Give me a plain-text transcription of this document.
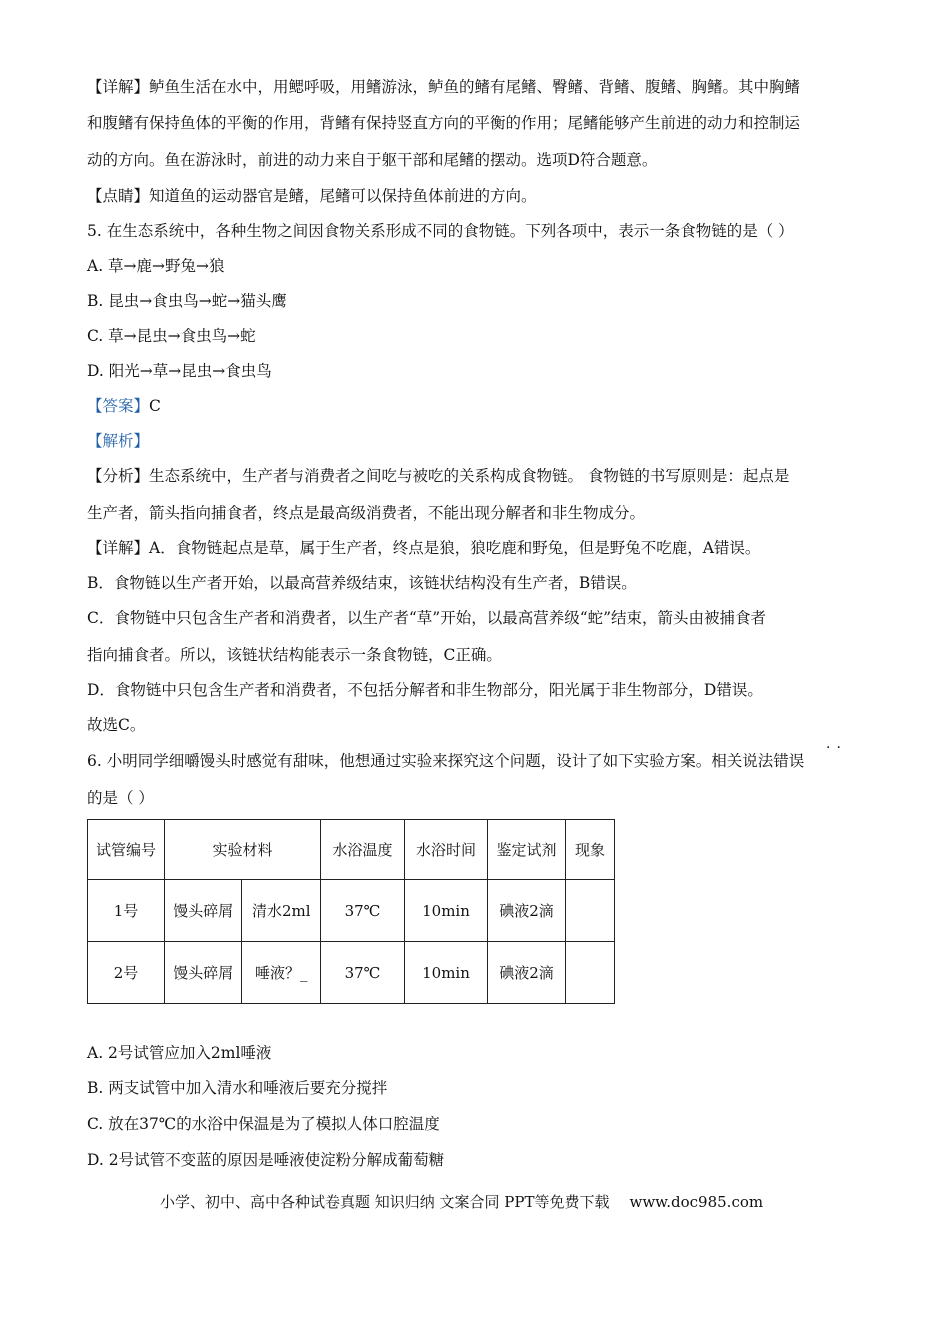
【详解】鲈鱼生活在水中，用鳃呼吸，用鳍游泳，鲈鱼的鳍有尾鳍、臀鳍、背鳍、腹鳍、胸鳍。其中胸鳍
和腹鳍有保持鱼体的平衡的作用，背鳍有保持竖直方向的平衡的作用；尾鳍能够产生前进的动力和控制运
动的方向。鱼在游泳时，前进的动力来自于躯干部和尾鳍的摆动。选项D符合题意。
【点睛】知道鱼的运动器官是鳍，尾鳍可以保持鱼体前进的方向。
5. 在生态系统中，各种生物之间因食物关系形成不同的食物链。下列各项中，表示一条食物链的是（ ）
A. 草→鹿→野兔→狼
B. 昆虫→食虫鸟→蛇→猫头鹰
C. 草→昆虫→食虫鸟→蛇
D. 阳光→草→昆虫→食虫鸟
【答案】C
【解析】
【分析】生态系统中，生产者与消费者之间吃与被吃的关系构成食物链。 食物链的书写原则是：起点是
生产者，箭头指向捕食者，终点是最高级消费者，不能出现分解者和非生物成分。
【详解】A．食物链起点是草，属于生产者，终点是狼，狼吃鹿和野兔，但是野兔不吃鹿，A错误。
B．食物链以生产者开始，以最高营养级结束，该链状结构没有生产者，B错误。
C．食物链中只包含生产者和消费者，以生产者“草”开始，以最高营养级“蛇”结束，箭头由被捕食者
指向捕食者。所以，该链状结构能表示一条食物链，C正确。
D．食物链中只包含生产者和消费者，不包括分解者和非生物部分，阳光属于非生物部分，D错误。
故选C。
··
6. 小明同学细嚼馒头时感觉有甜味，他想通过实验来探究这个问题，设计了如下实验方案。相关说法错误
的是（ ）
试管编号	实验材料		水浴温度	水浴时间	鉴定试剂	现象
1号	馒头碎屑	清水2ml	37℃	10min	碘液2滴	
2号	馒头碎屑	唾液？_	37℃	10min	碘液2滴	
A. 2号试管应加入2ml唾液
B. 两支试管中加入清水和唾液后要充分搅拌
C. 放在37℃的水浴中保温是为了模拟人体口腔温度
D. 2号试管不变蓝的原因是唾液使淀粉分解成葡萄糖
小学、初中、高中各种试卷真题 知识归纳 文案合同 PPT等免费下载 www.doc985.com
